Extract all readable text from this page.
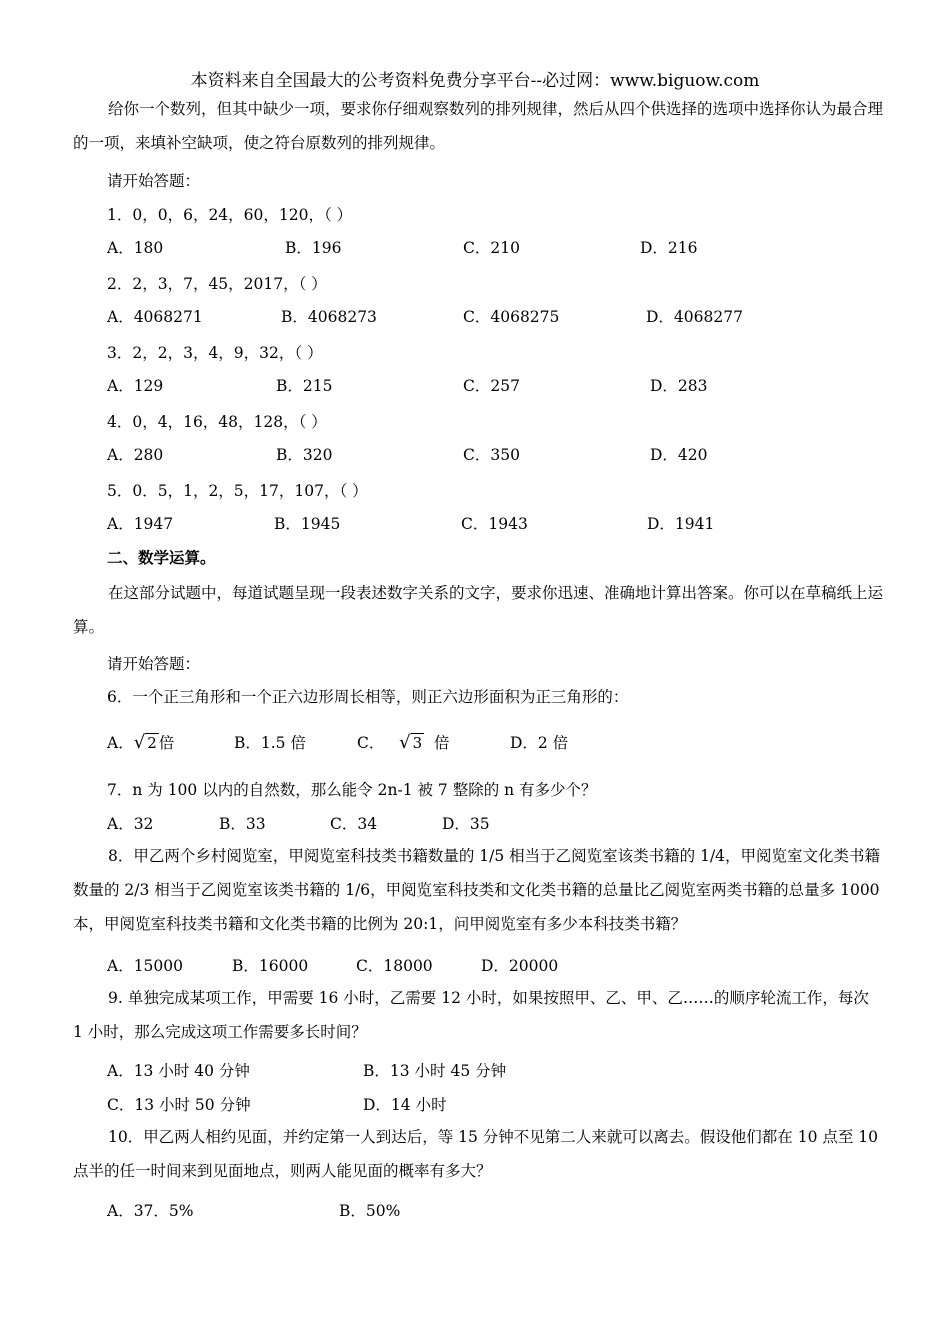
本资料来自全国最大的公考资料免费分享平台--必过网：www.biguow.com
给你一个数列，但其中缺少一项，要求你仔细观察数列的排列规律，然后从四个供选择的选项中选择你认为最合理的一项，来填补空缺项，使之符台原数列的排列规律。
请开始答题：
1．0，0，6，24，60，120，（ ）
A．180	B．196	C．210	D．216
2．2，3，7，45，2017，（ ）
A．4068271	B．4068273	C．4068275	D．4068277
3．2，2，3，4，9，32，（ ）
A．129	B．215	C．257	D．283
4．0，4，16，48，128，（ ）
A．280	B．320	C．350	D．420
5．0．5，1，2，5，17，107，（ ）
A．1947	B．1945	C．1943	D．1941
二、数学运算。
在这部分试题中，每道试题呈现一段表述数字关系的文字，要求你迅速、准确地计算出答案。你可以在草稿纸上运算。
请开始答题：
6．一个正三角形和一个正六边形周长相等，则正六边形面积为正三角形的：
A．√ 2 倍	B．1.5 倍	C． √ 3 倍	D．2 倍
7．n 为 100 以内的自然数，那么能令 2n-1 被 7 整除的 n 有多少个？
A．32	B．33	C．34	D．35
8．甲乙两个乡村阅览室，甲阅览室科技类书籍数量的 1/5 相当于乙阅览室该类书籍的 1/4，甲阅览室文化类书籍数量的 2/3 相当于乙阅览室该类书籍的 1/6，甲阅览室科技类和文化类书籍的总量比乙阅览室两类书籍的总量多 1000 本，甲阅览室科技类书籍和文化类书籍的比例为 20:1，问甲阅览室有多少本科技类书籍？
A．15000	B．16000	C．18000	D．20000
9. 单独完成某项工作，甲需要 16 小时，乙需要 12 小时，如果按照甲、乙、甲、乙……的顺序轮流工作，每次 1 小时，那么完成这项工作需要多长时间？
A．13 小时 40 分钟	B．13 小时 45 分钟
C．13 小时 50 分钟	D．14 小时
10．甲乙两人相约见面，并约定第一人到达后，等 15 分钟不见第二人来就可以离去。假设他们都在 10 点至 10 点半的任一时间来到见面地点，则两人能见面的概率有多大？
A．37．5%	B．50%
